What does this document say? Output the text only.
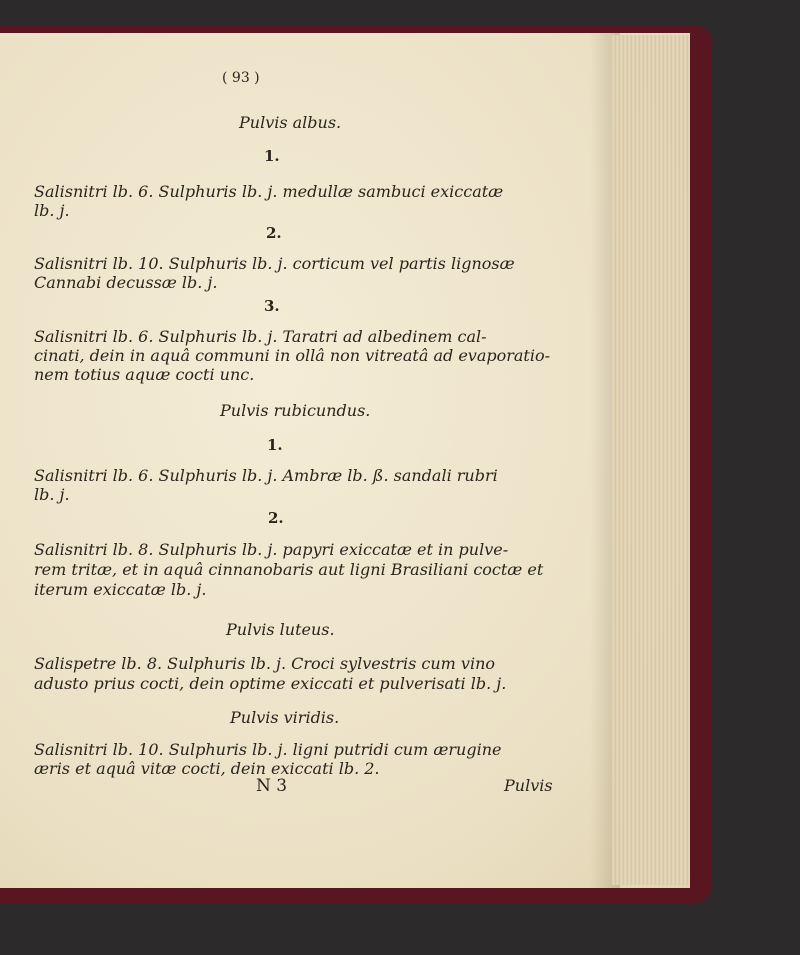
( 93 )
Pulvis albus.
1.
Salisnitri lb. 6. Sulphuris lb. j. medullæ sambuci exiccatæ
lb. j.
2.
Salisnitri lb. 10. Sulphuris lb. j. corticum vel partis lignosæ
Cannabi decussæ lb. j.
3.
Salisnitri lb. 6. Sulphuris lb. j. Taratri ad albedinem cal-
cinati, dein in aquâ communi in ollâ non vitreatâ ad evaporatio-
nem totius aquæ cocti unc.
Pulvis rubicundus.
1.
Salisnitri lb. 6. Sulphuris lb. j. Ambræ lb. ß. sandali rubri
lb. j.
2.
Salisnitri lb. 8. Sulphuris lb. j. papyri exiccatæ et in pulve-
rem tritæ, et in aquâ cinnanobaris aut ligni Brasiliani coctæ et
iterum exiccatæ lb. j.
Pulvis luteus.
Salispetre lb. 8. Sulphuris lb. j. Croci sylvestris cum vino
adusto prius cocti, dein optime exiccati et pulverisati lb. j.
Pulvis viridis.
Salisnitri lb. 10. Sulphuris lb. j. ligni putridi cum ærugine
æris et aquâ vitæ cocti, dein exiccati lb. 2.
N 3	Pulvis
